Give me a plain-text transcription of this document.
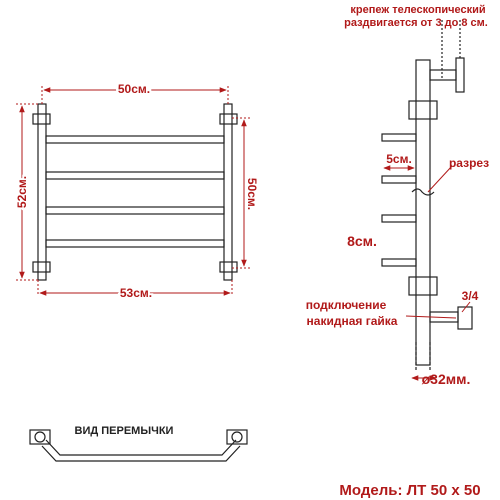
50см.
53см.
52см.	50см.
крепеж телескопический
раздвигается от 3 до 8 см.
5см.	разрез
8см.
3/4
подключение
накидная гайка
ø32мм.
ВИД ПЕРЕМЫЧКИ
Модель: ЛТ 50 х 50
